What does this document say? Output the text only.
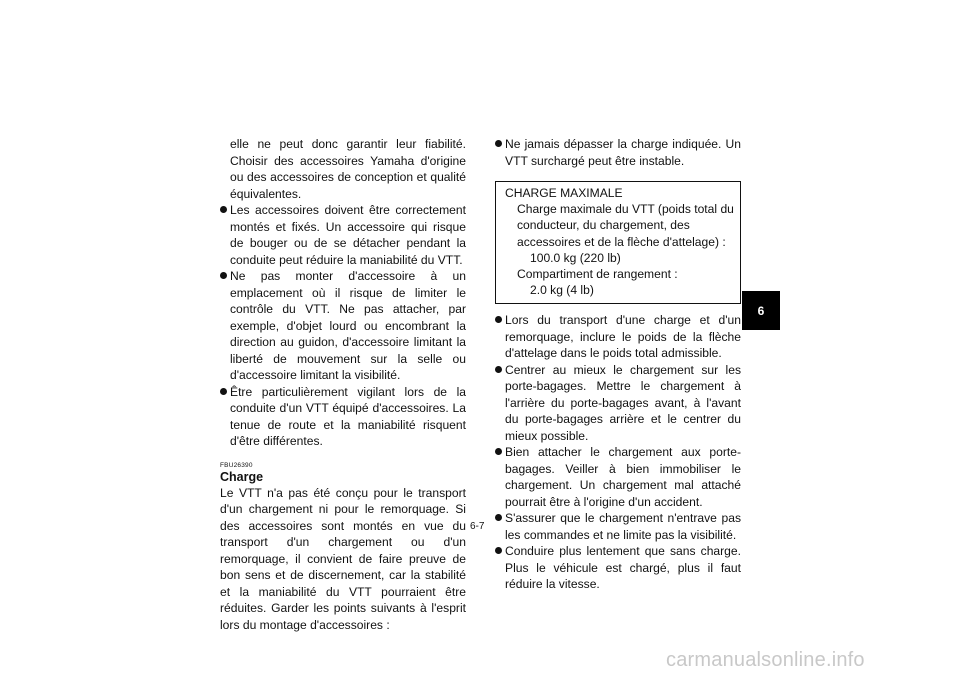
elle ne peut donc garantir leur fiabilité. Choisir des accessoires Yamaha d'origine ou des accessoires de conception et qualité équivalentes.

Les accessoires doivent être correctement montés et fixés. Un accessoire qui risque de bouger ou de se détacher pendant la conduite peut réduire la maniabilité du VTT.

Ne pas monter d'accessoire à un emplacement où il risque de limiter le contrôle du VTT. Ne pas attacher, par exemple, d'objet lourd ou encombrant la direction au guidon, d'accessoire limitant la liberté de mouvement sur la selle ou d'accessoire limitant la visibilité.

Être particulièrement vigilant lors de la conduite d'un VTT équipé d'accessoires. La tenue de route et la maniabilité risquent d'être différentes.

FBU26390
Charge

Le VTT n'a pas été conçu pour le transport d'un chargement ni pour le remorquage. Si des accessoires sont montés en vue du transport d'un chargement ou d'un remorquage, il convient de faire preuve de bon sens et de discernement, car la stabilité et la maniabilité du VTT pourraient être réduites. Garder les points suivants à l'esprit lors du montage d'accessoires :

Ne jamais dépasser la charge indiquée. Un VTT surchargé peut être instable.

CHARGE MAXIMALE
Charge maximale du VTT (poids total du conducteur, du chargement, des accessoires et de la flèche d'attelage) :
100.0 kg (220 lb)
Compartiment de rangement :
2.0 kg (4 lb)

Lors du transport d'une charge et d'un remorquage, inclure le poids de la flèche d'attelage dans le poids total admissible.

Centrer au mieux le chargement sur les porte-bagages. Mettre le chargement à l'arrière du porte-bagages avant, à l'avant du porte-bagages arrière et le centrer du mieux possible.

Bien attacher le chargement aux porte-bagages. Veiller à bien immobiliser le chargement. Un chargement mal attaché pourrait être à l'origine d'un accident.

S'assurer que le chargement n'entrave pas les commandes et ne limite pas la visibilité.

Conduire plus lentement que sans charge. Plus le véhicule est chargé, plus il faut réduire la vitesse.

6
6-7
carmanualsonline.info
